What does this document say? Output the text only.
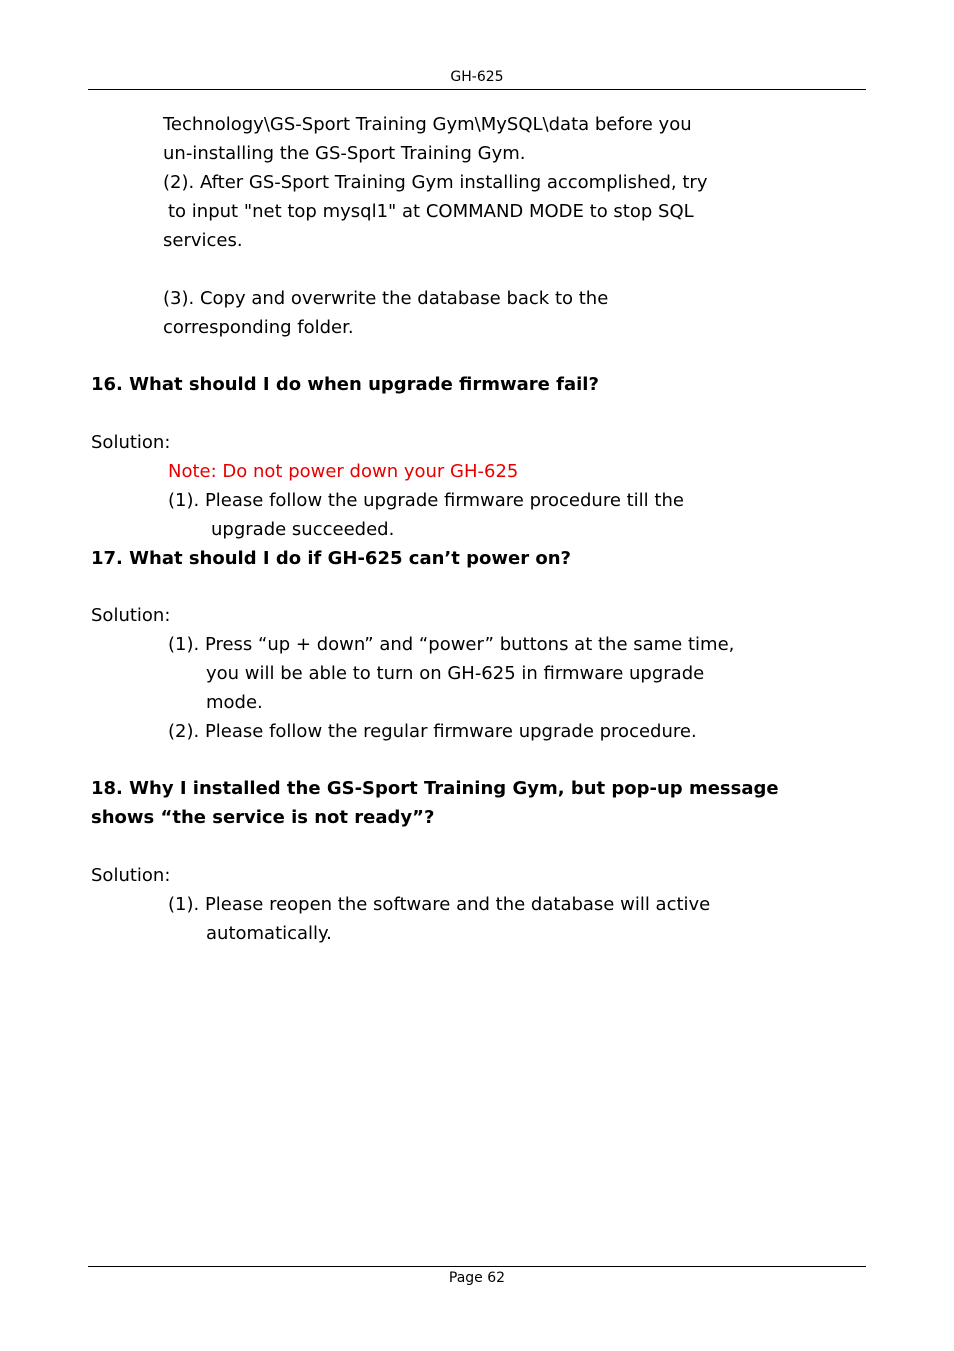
GH-625

Technology\GS-Sport Training Gym\MySQL\data before you

un-installing the GS-Sport Training Gym.

(2). After GS-Sport Training Gym installing accomplished, try

to input "net top mysql1" at COMMAND MODE to stop SQL

services.

(3). Copy and overwrite the database back to the

corresponding folder.

16. What should I do when upgrade firmware fail?

Solution:

Note: Do not power down your GH-625

(1). Please follow the upgrade firmware procedure till the

upgrade succeeded.

17. What should I do if GH-625 can’t power on?

Solution:

(1). Press “up + down” and “power” buttons at the same time,

you will be able to turn on GH-625 in firmware upgrade

mode.

(2). Please follow the regular firmware upgrade procedure.

18. Why I installed the GS-Sport Training Gym, but pop-up message

shows “the service is not ready”?

Solution:

(1). Please reopen the software and the database will active

automatically.

Page 62
